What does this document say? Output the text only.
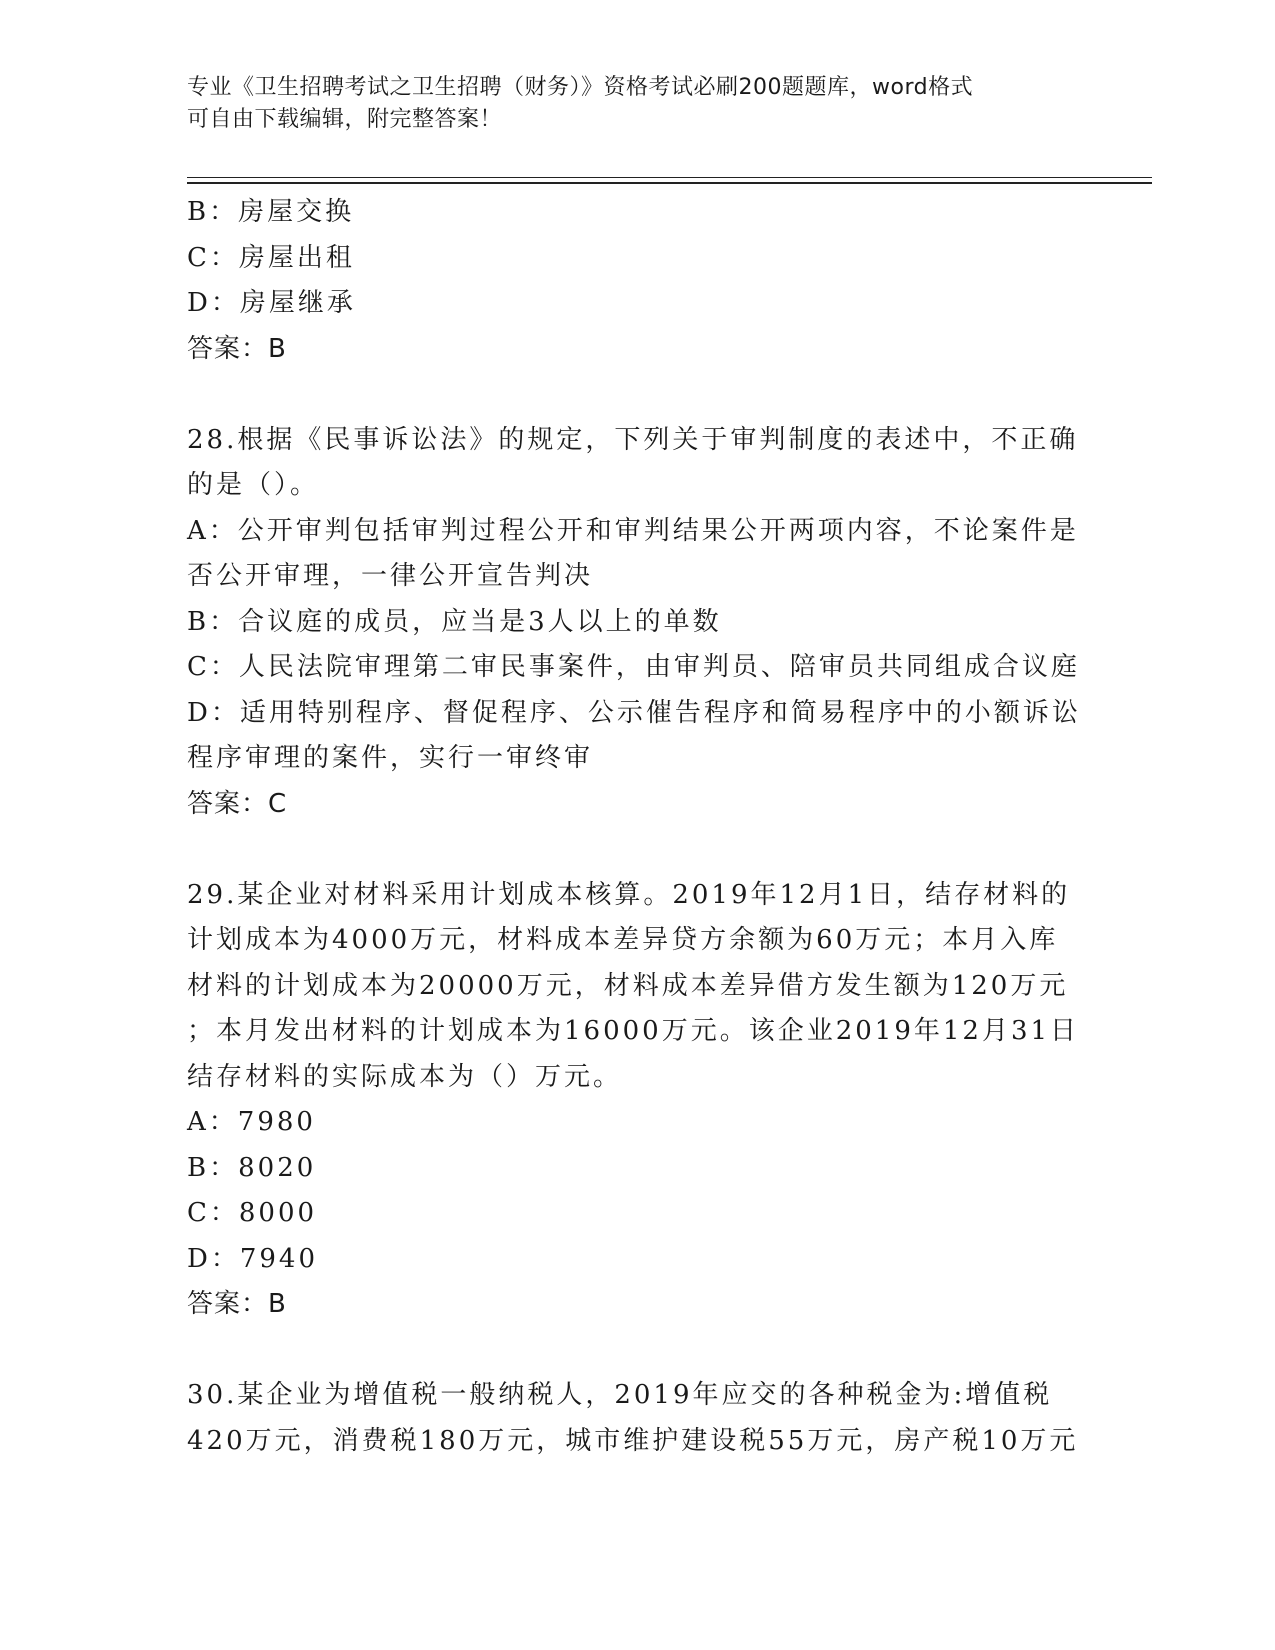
专业《卫生招聘考试之卫生招聘（财务）》资格考试必刷200题题库，word格式
可自由下载编辑，附完整答案！
B：房屋交换
C：房屋出租
D：房屋继承
答案：B
28.根据《民事诉讼法》的规定，下列关于审判制度的表述中，不正确
的是（）。
A：公开审判包括审判过程公开和审判结果公开两项内容，不论案件是
否公开审理，一律公开宣告判决
B：合议庭的成员，应当是3人以上的单数
C：人民法院审理第二审民事案件，由审判员、陪审员共同组成合议庭
D：适用特别程序、督促程序、公示催告程序和简易程序中的小额诉讼
程序审理的案件，实行一审终审
答案：C
29.某企业对材料采用计划成本核算。2019年12月1日，结存材料的
计划成本为4000万元，材料成本差异贷方余额为60万元；本月入库
材料的计划成本为20000万元，材料成本差异借方发生额为120万元
；本月发出材料的计划成本为16000万元。该企业2019年12月31日
结存材料的实际成本为（）万元。
A：7980
B：8020
C：8000
D：7940
答案：B
30.某企业为增值税一般纳税人，2019年应交的各种税金为:增值税
420万元，消费税180万元，城市维护建设税55万元，房产税10万元
